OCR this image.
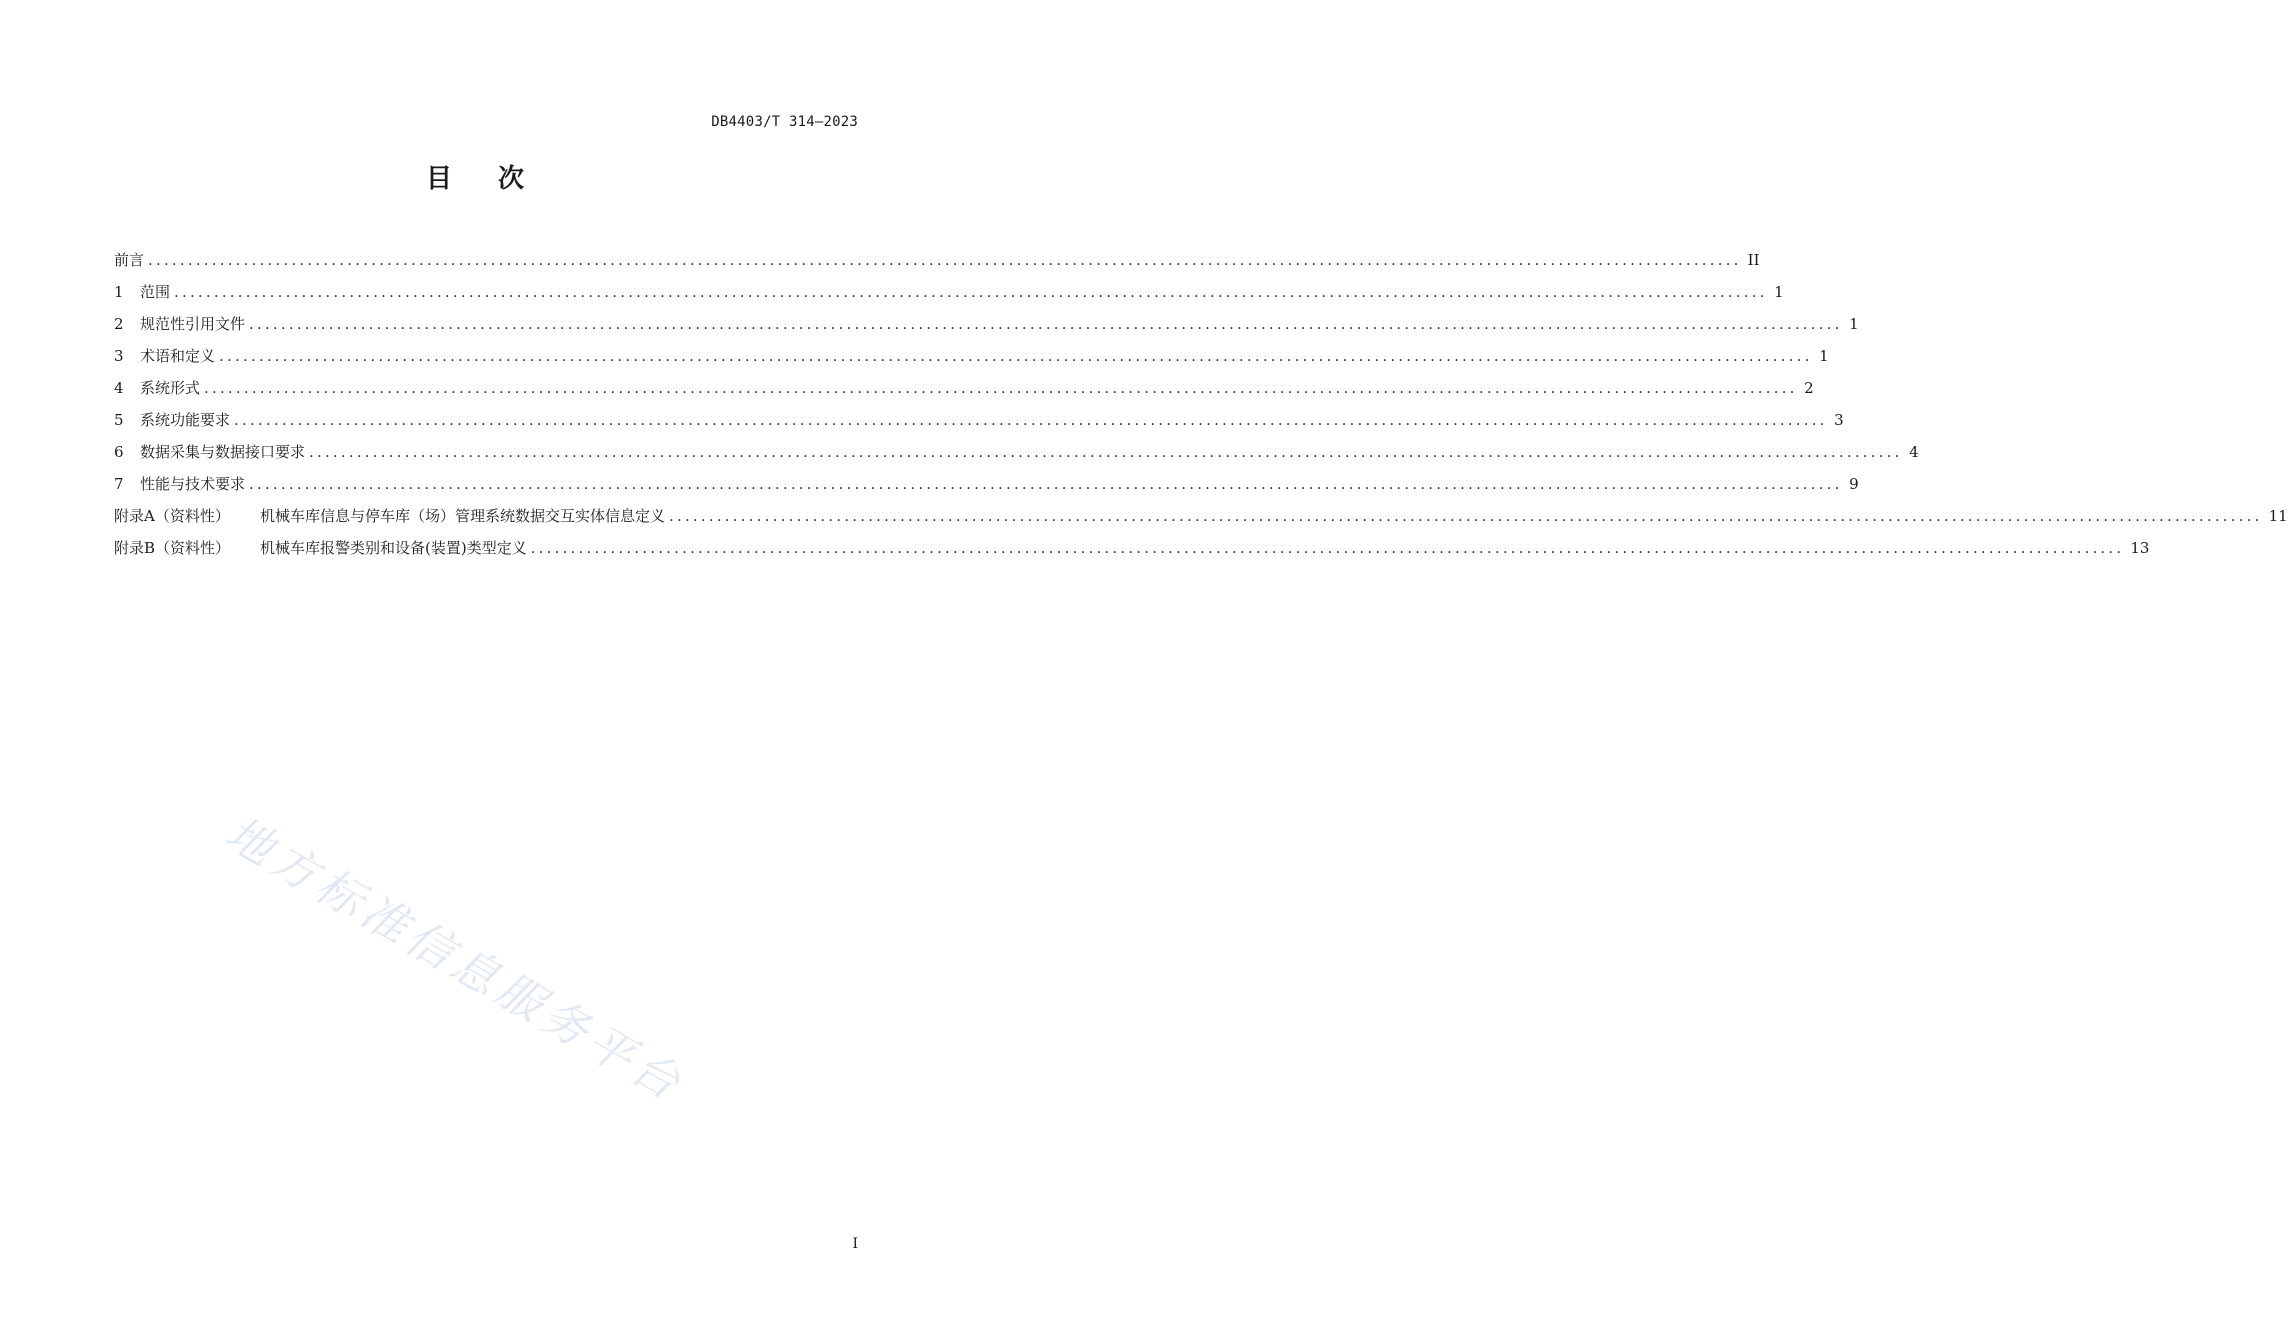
DB4403/T 314—2023
目次
前言 ........................................................................................................................................................................................................ II
1	范围 ........................................................................................................................................................................................................ 1
2	规范性引用文件 ........................................................................................................................................................................................................ 1
3	术语和定义 ........................................................................................................................................................................................................ 1
4	系统形式 ........................................................................................................................................................................................................ 2
5	系统功能要求 ........................................................................................................................................................................................................ 3
6	数据采集与数据接口要求 ........................................................................................................................................................................................................ 4
7	性能与技术要求 ........................................................................................................................................................................................................ 9
附录A（资料性） 机械车库信息与停车库（场）管理系统数据交互实体信息定义 ........................................................................................................................................................................................................ 11
附录B（资料性） 机械车库报警类别和设备(装置)类型定义 ........................................................................................................................................................................................................ 13
地方标准信息服务平台
I
